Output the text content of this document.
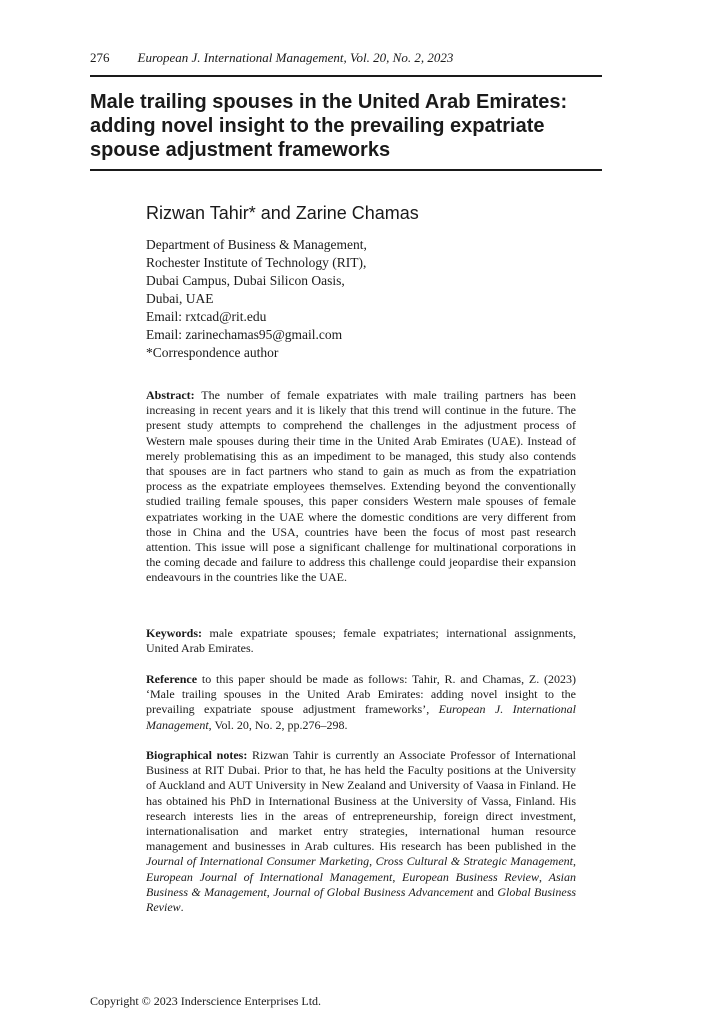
276 European J. International Management, Vol. 20, No. 2, 2023
Male trailing spouses in the United Arab Emirates:
adding novel insight to the prevailing expatriate
spouse adjustment frameworks
Rizwan Tahir* and Zarine Chamas
Department of Business & Management,
Rochester Institute of Technology (RIT),
Dubai Campus, Dubai Silicon Oasis,
Dubai, UAE
Email: rxtcad@rit.edu
Email: zarinechamas95@gmail.com
*Correspondence author

Abstract: The number of female expatriates with male trailing partners has been increasing in recent years and it is likely that this trend will continue in the future. The present study attempts to comprehend the challenges in the adjustment process of Western male spouses during their time in the United Arab Emirates (UAE). Instead of merely problematising this as an impediment to be managed, this study also contends that spouses are in fact partners who stand to gain as much as from the expatriation process as the expatriate employees themselves. Extending beyond the conventionally studied trailing female spouses, this paper considers Western male spouses of female expatriates working in the UAE where the domestic conditions are very different from those in China and the USA, countries have been the focus of most past research attention. This issue will pose a significant challenge for multinational corporations in the coming decade and failure to address this challenge could jeopardise their expansion endeavours in the countries like the UAE.

Keywords: male expatriate spouses; female expatriates; international assignments, United Arab Emirates.

Reference to this paper should be made as follows: Tahir, R. and Chamas, Z. (2023) ‘Male trailing spouses in the United Arab Emirates: adding novel insight to the prevailing expatriate spouse adjustment frameworks’, European J. International Management, Vol. 20, No. 2, pp.276–298.

Biographical notes: Rizwan Tahir is currently an Associate Professor of International Business at RIT Dubai. Prior to that, he has held the Faculty positions at the University of Auckland and AUT University in New Zealand and University of Vaasa in Finland. He has obtained his PhD in International Business at the University of Vassa, Finland. His research interests lies in the areas of entrepreneurship, foreign direct investment, internationalisation and market entry strategies, international human resource management and businesses in Arab cultures. His research has been published in the Journal of International Consumer Marketing, Cross Cultural & Strategic Management, European Journal of International Management, European Business Review, Asian Business & Management, Journal of Global Business Advancement and Global Business Review.

Copyright © 2023 Inderscience Enterprises Ltd.
